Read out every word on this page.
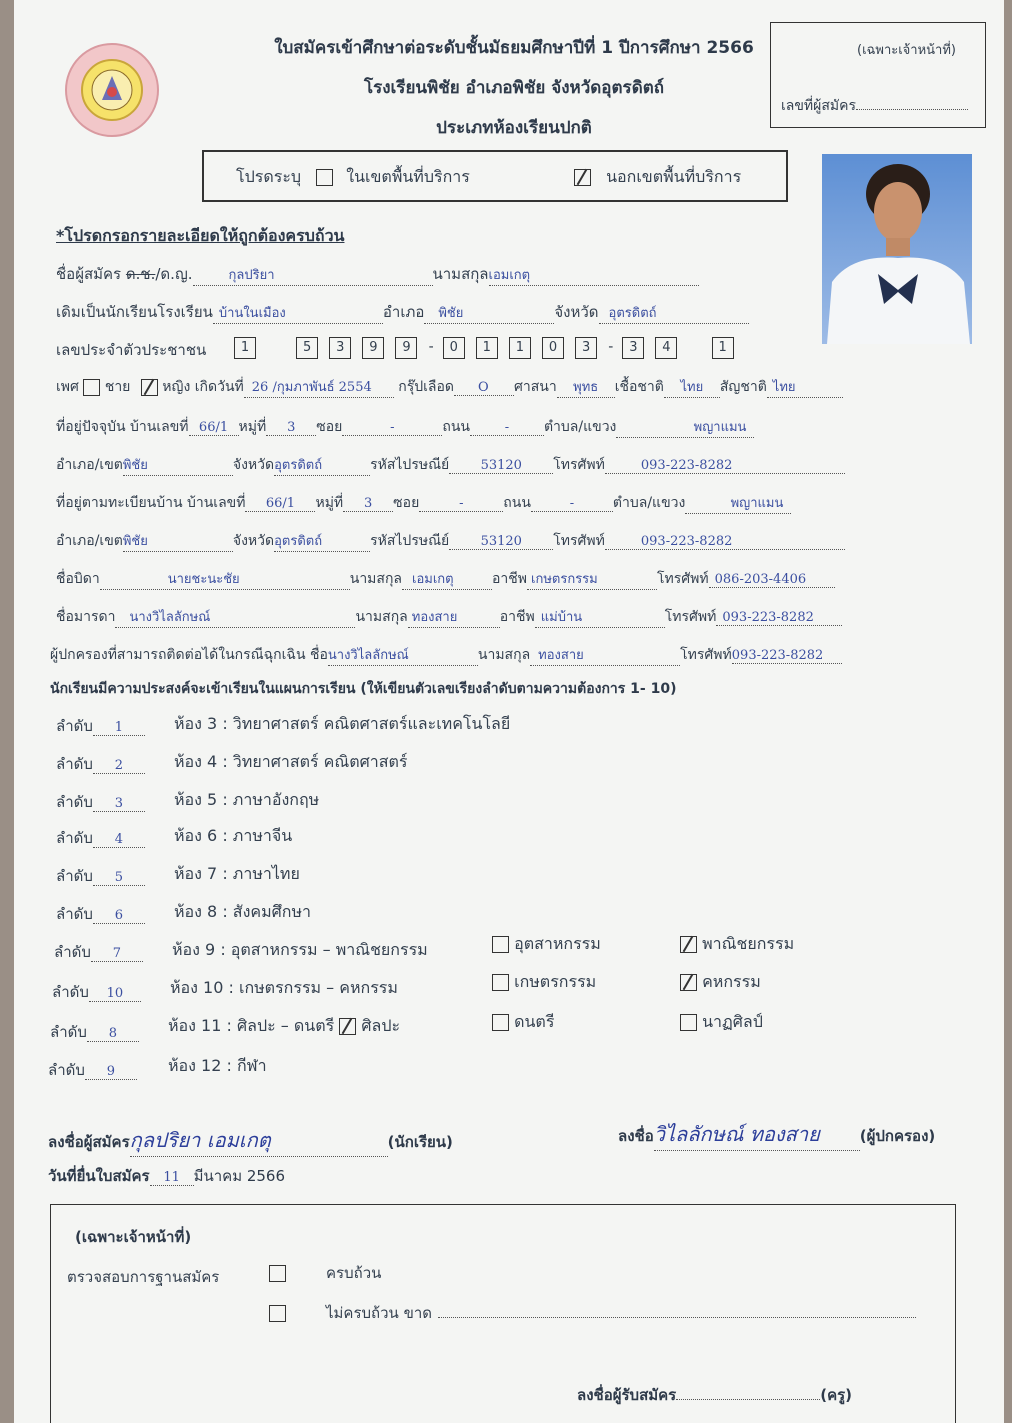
ใบสมัครเข้าศึกษาต่อระดับชั้นมัธยมศึกษาปีที่ 1 ปีการศึกษา 2566
โรงเรียนพิชัย อำเภอพิชัย จังหวัดอุตรดิตถ์
ประเภทห้องเรียนปกติ
(เฉพาะเจ้าหน้าที่)
เลขที่ผู้สมัคร
โปรดระบุ	ในเขตพื้นที่บริการ	นอกเขตพื้นที่บริการ
*โปรดกรอกรายละเอียดให้ถูกต้องครบถ้วน
ชื่อผู้สมัคร ด.ช./ด.ญ.	กุลปริยา	นามสกุลเอมเกตุ
เดิมเป็นนักเรียนโรงเรียน บ้านในเมือง	อำเภอ พิชัย	จังหวัด อุตรดิตถ์
เลขประจำตัวประชาชน	1	5 3 9 9 - 0 1 1 0 3 - 3 4	1
เพศ ชาย หญิง เกิดวันที่ 26 /กุมภาพันธ์ 2554 กรุ๊ปเลือด O ศาสนา พุทธ เชื้อชาติ ไทย สัญชาติ ไทย
ที่อยู่ปัจจุบัน บ้านเลขที่ 66/1 หมู่ที่ 3 ซอย	-	ถนน	- ตำบล/แขวง	พญาแมน
อำเภอ/เขตพิชัย	จังหวัดอุตรดิตถ์	รหัสไปรษณีย์ 53120 โทรศัพท์	093-223-8282
ที่อยู่ตามทะเบียนบ้าน บ้านเลขที่ 66/1 หมู่ที่ 3 ซอย	-	ถนน	-	ตำบล/แขวง	พญาแมน
อำเภอ/เขตพิชัย	จังหวัดอุตรดิตถ์	รหัสไปรษณีย์ 53120 โทรศัพท์	093-223-8282
ชื่อบิดา	นายชะนะชัย	นามสกุล เอมเกตุ	อาชีพ เกษตรกรรม	โทรศัพท์ 086-203-4406
ชื่อมารดา นางวิไลลักษณ์	นามสกุล ทองสาย	อาชีพ แม่บ้าน	โทรศัพท์ 093-223-8282
ผู้ปกครองที่สามารถติดต่อได้ในกรณีฉุกเฉิน ชื่อนางวิไลลักษณ์	นามสกุล ทองสาย	โทรศัพท์093-223-8282
นักเรียนมีความประสงค์จะเข้าเรียนในแผนการเรียน (ให้เขียนตัวเลขเรียงลำดับตามความต้องการ 1- 10)
ลำดับ 1	ห้อง 3 : วิทยาศาสตร์ คณิตศาสตร์และเทคโนโลยี
ลำดับ 2	ห้อง 4 : วิทยาศาสตร์ คณิตศาสตร์
ลำดับ 3	ห้อง 5 : ภาษาอังกฤษ
ลำดับ 4	ห้อง 6 : ภาษาจีน
ลำดับ 5	ห้อง 7 : ภาษาไทย
ลำดับ 6	ห้อง 8 : สังคมศึกษา
ลำดับ 7	ห้อง 9 : อุตสาหกรรม – พาณิชยกรรม	อุตสาหกรรม	พาณิชยกรรม
ลำดับ 10	ห้อง 10 : เกษตรกรรม – คหกรรม	เกษตรกรรม	คหกรรม
ลำดับ 8	ห้อง 11 : ศิลปะ – ดนตรี ศิลปะ	ดนตรี	นาฏศิลป์
ลำดับ 9	ห้อง 12 : กีฬา
ลงชื่อผู้สมัครกุลปริยา เอมเกตุ	(นักเรียน)	ลงชื่อวิไลลักษณ์ ทองสาย	(ผู้ปกครอง)
วันที่ยื่นใบสมัคร 11 มีนาคม 2566
(เฉพาะเจ้าหน้าที่)
ตรวจสอบการฐานสมัคร	ครบถ้วน
ไม่ครบถ้วน ขาด
ลงชื่อผู้รับสมัคร	(ครู)
